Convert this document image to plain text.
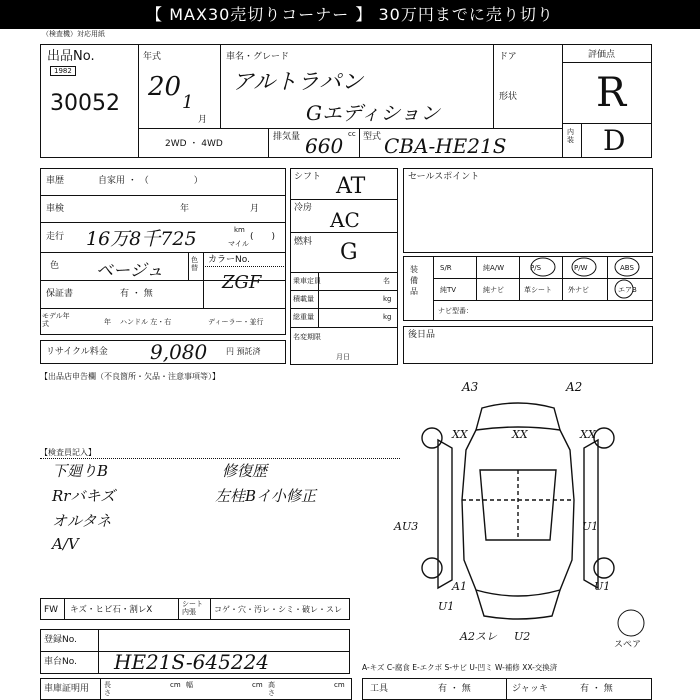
【 MAX30売切りコーナー 】 30万円までに売り切り
（検査機）対応用紙
出品No.
1982
30052
年式
20
1
月
車名・グレード
アルトラパン
Gエディション
ドア
形状
評価点
R
内装 D
2WD ・ 4WD
排気量	cc
660 型式 CBA-HE21S
車歴	自家用 ・ （　　　　　）
車検	年	月
走行 16万8千725	km
マイル
(　　)
色 ベージュ
色替
カラーNo.
ZGF
保証書	有 ・ 無
モデル年式	年 ハンドル 左・右	ディーラー・並行
リサイクル料金 9,080 円 預託済
シフト AT
冷房 AC
燃料 G
乗車定員	名
積載量	kg
総重量	kg
名変期限
月日
セールスポイント
装備品
S/R	純A/W	P/S	P/W	ABS
純TV	純ナビ	革シート 外ナビ	エアB
ナビ型番：
後日品
【出品店申告欄（不良箇所・欠品・注意事項等）】
【検査員記入】
下廻りB
Rrバキズ
オルタネ
A/V
修復歴
左桂Bイ小修正
A3	A2
XX	XX	XX
AU3	U1
A1
U1
A2スレ U2
U1
スペア
FW キズ・ヒビ石・割レX
シート内張	コゲ・穴・汚レ・シミ・破レ・スレ
登録No.
車台No. HE21S-645224	A-キズ C-腐食 E-エクボ S-サビ U-凹ミ W-補修 XX-交換済
車庫証明用 長さ
cm 幅	cm 高さ
cm	工具	有 ・ 無	ジャッキ	有 ・ 無
